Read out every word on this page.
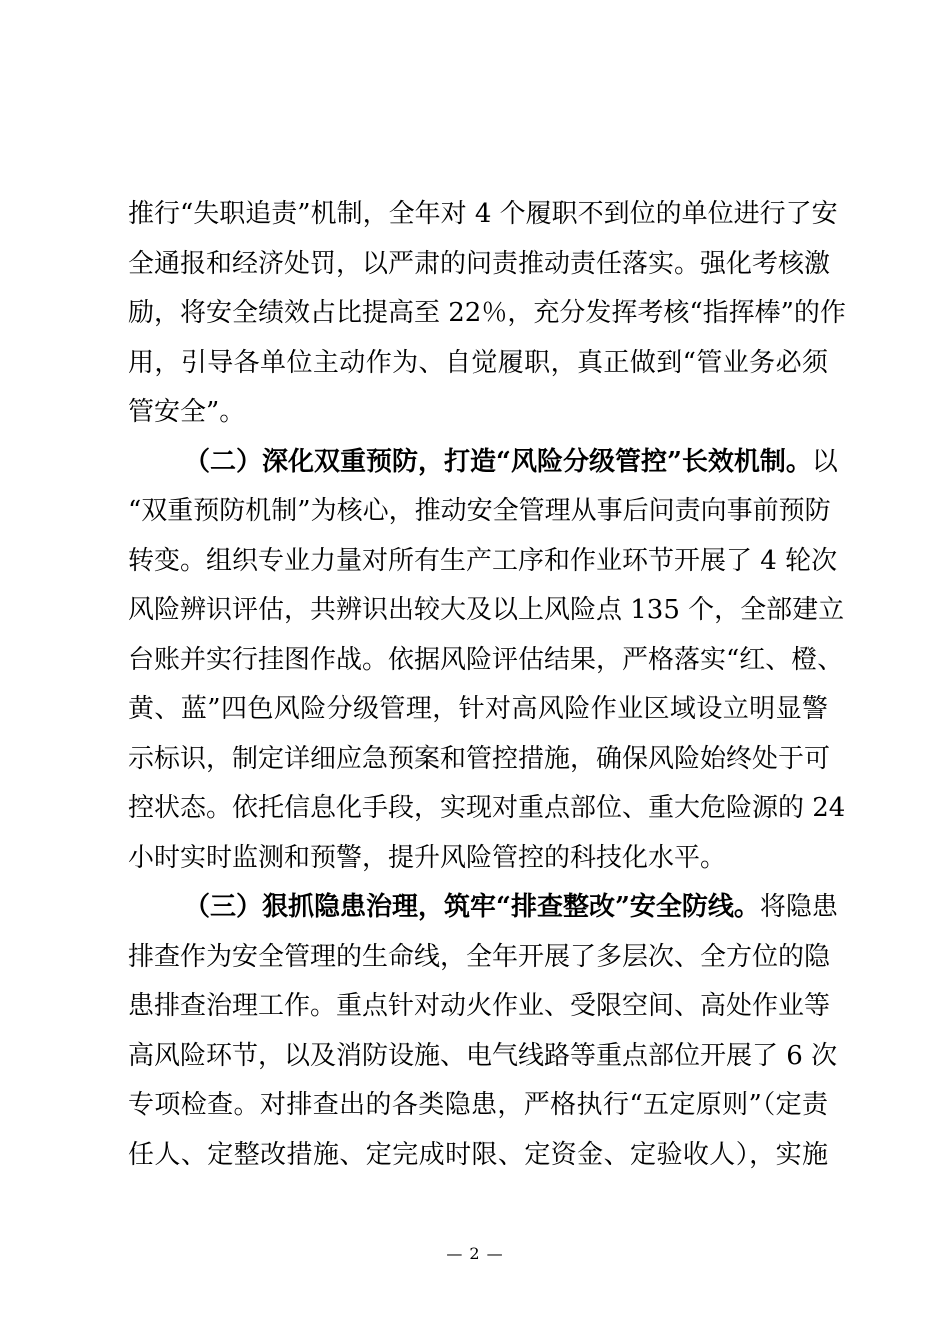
推行“失职追责”机制，全年对 4 个履职不到位的单位进行了安
全通报和经济处罚，以严肃的问责推动责任落实。强化考核激
励，将安全绩效占比提高至 22％，充分发挥考核“指挥棒”的作
用，引导各单位主动作为、自觉履职，真正做到“管业务必须
管安全”。
（二）深化双重预防，打造“风险分级管控”长效机制。以
“双重预防机制”为核心，推动安全管理从事后问责向事前预防
转变。组织专业力量对所有生产工序和作业环节开展了 4 轮次
风险辨识评估，共辨识出较大及以上风险点 135 个，全部建立
台账并实行挂图作战。依据风险评估结果，严格落实“红、橙、
黄、蓝”四色风险分级管理，针对高风险作业区域设立明显警
示标识，制定详细应急预案和管控措施，确保风险始终处于可
控状态。依托信息化手段，实现对重点部位、重大危险源的 24
小时实时监测和预警，提升风险管控的科技化水平。
（三）狠抓隐患治理，筑牢“排查整改”安全防线。将隐患
排查作为安全管理的生命线，全年开展了多层次、全方位的隐
患排查治理工作。重点针对动火作业、受限空间、高处作业等
高风险环节，以及消防设施、电气线路等重点部位开展了 6 次
专项检查。对排查出的各类隐患，严格执行“五定原则”（定责
任人、定整改措施、定完成时限、定资金、定验收人），实施
— 2 —
